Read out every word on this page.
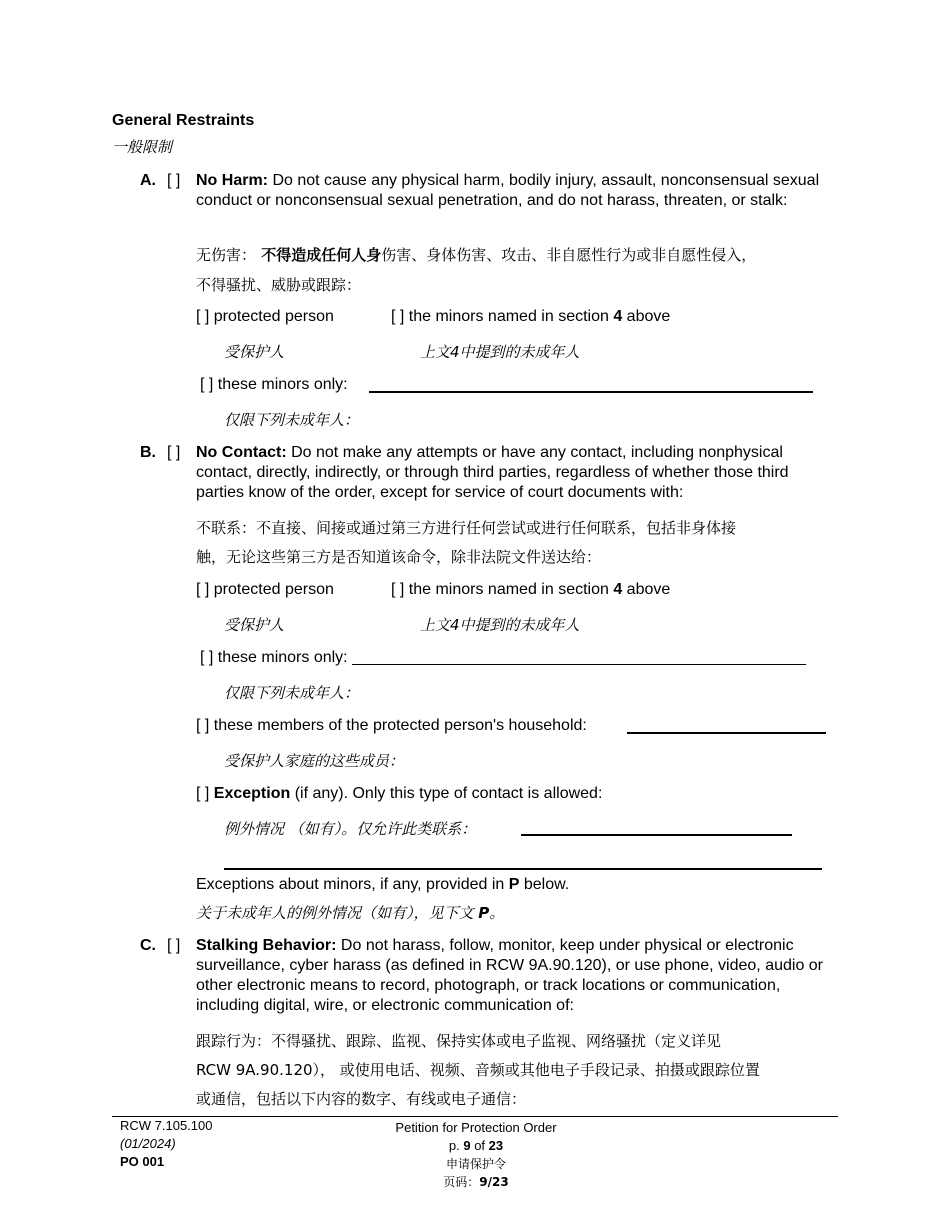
General Restraints
一般限制
A. [ ] No Harm: Do not cause any physical harm, bodily injury, assault, nonconsensual sexual conduct or nonconsensual sexual penetration, and do not harass, threaten, or stalk:
无伤害： 不得造成任何人身伤害、身体伤害、攻击、非自愿性行为或非自愿性侵入，
不得骚扰、威胁或跟踪：
[ ] protected person	[ ] the minors named in section 4 above
受保护人	上文4中提到的未成年人
[ ] these minors only:
仅限下列未成年人：
B. [ ] No Contact: Do not make any attempts or have any contact, including nonphysical contact, directly, indirectly, or through third parties, regardless of whether those third parties know of the order, except for service of court documents with:
不联系：不直接、间接或通过第三方进行任何尝试或进行任何联系，包括非身体接
触，无论这些第三方是否知道该命令，除非法院文件送达给：
[ ] protected person	[ ] the minors named in section 4 above
受保护人	上文4中提到的未成年人
[ ] these minors only: ___________________________________________________
仅限下列未成年人：
[ ] these members of the protected person's household:
受保护人家庭的这些成员：
[ ] Exception (if any). Only this type of contact is allowed:
例外情况 （如有）。仅允许此类联系：
Exceptions about minors, if any, provided in P below.
关于未成年人的例外情况（如有），见下文 P。
C. [ ] Stalking Behavior: Do not harass, follow, monitor, keep under physical or electronic surveillance, cyber harass (as defined in RCW 9A.90.120), or use phone, video, audio or other electronic means to record, photograph, or track locations or communication, including digital, wire, or electronic communication of:
跟踪行为：不得骚扰、跟踪、监视、保持实体或电子监视、网络骚扰（定义详见
RCW 9A.90.120）， 或使用电话、视频、音频或其他电子手段记录、拍摄或跟踪位置
或通信，包括以下内容的数字、有线或电子通信：
RCW 7.105.100
(01/2024)
PO 001
Petition for Protection Order
p. 9 of 23
申请保护令
页码：9/23
